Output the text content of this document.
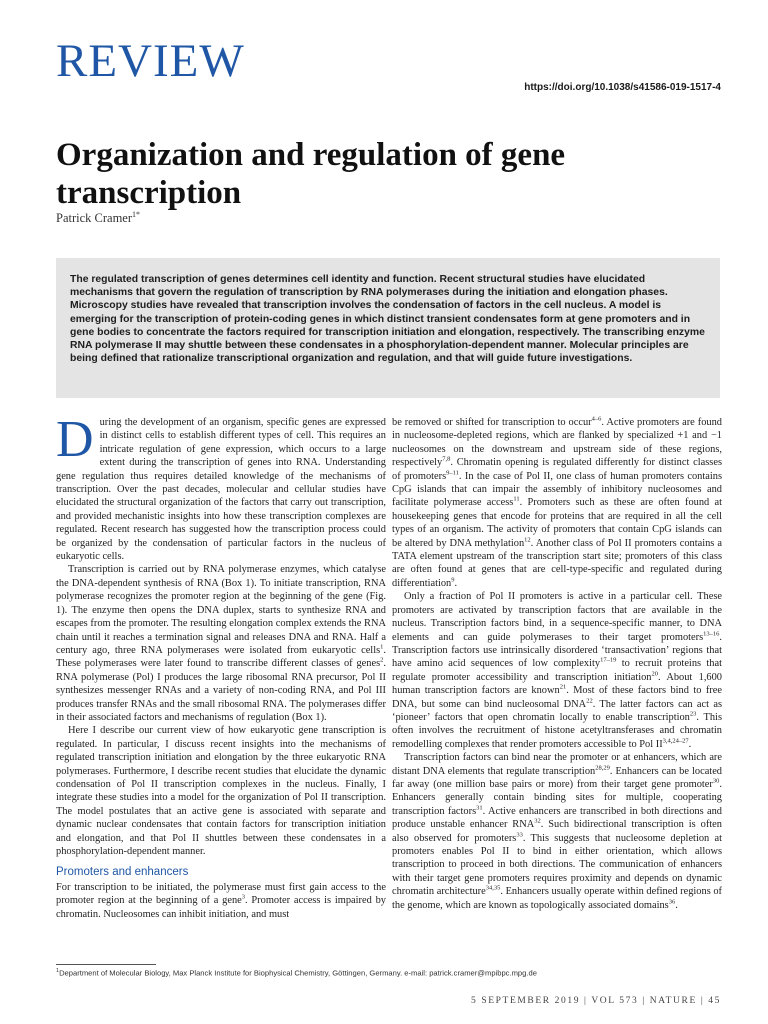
REVIEW
https://doi.org/10.1038/s41586-019-1517-4
Organization and regulation of gene transcription
Patrick Cramer$^{1*}$

The regulated transcription of genes determines cell identity and function. Recent structural studies have elucidated mechanisms that govern the regulation of transcription by RNA polymerases during the initiation and elongation phases. Microscopy studies have revealed that transcription involves the condensation of factors in the cell nucleus. A model is emerging for the transcription of protein-coding genes in which distinct transient condensates form at gene promoters and in gene bodies to concentrate the factors required for transcription initiation and elongation, respectively. The transcribing enzyme RNA polymerase II may shuttle between these condensates in a phosphorylation-dependent manner. Molecular principles are being defined that rationalize transcriptional organization and regulation, and that will guide future investigations.

During the development of an organism, specific genes are expressed in distinct cells to establish different types of cell. This requires an intricate regulation of gene expression, which occurs to a large extent during the transcription of genes into RNA. Understanding gene regulation thus requires detailed knowledge of the mechanisms of transcription. Over the past decades, molecular and cellular studies have elucidated the structural organization of the factors that carry out transcription, and provided mechanistic insights into how these transcription complexes are regulated. Recent research has suggested how the transcription process could be organized by the condensation of particular factors in the nucleus of eukaryotic cells.

Transcription is carried out by RNA polymerase enzymes, which catalyse the DNA-dependent synthesis of RNA (Box 1). To initiate transcription, RNA polymerase recognizes the promoter region at the beginning of the gene (Fig. 1). The enzyme then opens the DNA duplex, starts to synthesize RNA and escapes from the promoter. The resulting elongation complex extends the RNA chain until it reaches a termination signal and releases DNA and RNA. Half a century ago, three RNA polymerases were isolated from eukaryotic cells$^1$. These polymerases were later found to transcribe different classes of genes$^2$. RNA polymerase (Pol) I produces the large ribosomal RNA precursor, Pol II synthesizes messenger RNAs and a variety of non-coding RNA, and Pol III produces transfer RNAs and the small ribosomal RNA. The polymerases differ in their associated factors and mechanisms of regulation (Box 1).

Here I describe our current view of how eukaryotic gene transcription is regulated. In particular, I discuss recent insights into the mechanisms of regulated transcription initiation and elongation by the three eukaryotic RNA polymerases. Furthermore, I describe recent studies that elucidate the dynamic condensation of Pol II transcription complexes in the nucleus. Finally, I integrate these studies into a model for the organization of Pol II transcription. The model postulates that an active gene is associated with separate and dynamic nuclear condensates that contain factors for transcription initiation and elongation, and that Pol II shuttles between these condensates in a phosphorylation-dependent manner.

Promoters and enhancers

For transcription to be initiated, the polymerase must first gain access to the promoter region at the beginning of a gene$^3$. Promoter access is impaired by chromatin. Nucleosomes can inhibit initiation, and must

be removed or shifted for transcription to occur$^{4-6}$. Active promoters are found in nucleosome-depleted regions, which are flanked by specialized +1 and −1 nucleosomes on the downstream and upstream side of these regions, respectively$^{7,8}$. Chromatin opening is regulated differently for distinct classes of promoters$^{9-11}$. In the case of Pol II, one class of human promoters contains CpG islands that can impair the assembly of inhibitory nucleosomes and facilitate polymerase access$^{11}$. Promoters such as these are often found at housekeeping genes that encode for proteins that are required in all the cell types of an organism. The activity of promoters that contain CpG islands can be altered by DNA methylation$^{12}$. Another class of Pol II promoters contains a TATA element upstream of the transcription start site; promoters of this class are often found at genes that are cell-type-specific and regulated during differentiation$^9$.

Only a fraction of Pol II promoters is active in a particular cell. These promoters are activated by transcription factors that are available in the nucleus. Transcription factors bind, in a sequence-specific manner, to DNA elements and can guide polymerases to their target promoters$^{13-16}$. Transcription factors use intrinsically disordered ‘transactivation’ regions that have amino acid sequences of low complexity$^{17-19}$ to recruit proteins that regulate promoter accessibility and transcription initiation$^{20}$. About 1,600 human transcription factors are known$^{21}$. Most of these factors bind to free DNA, but some can bind nucleosomal DNA$^{22}$. The latter factors can act as ‘pioneer’ factors that open chromatin locally to enable transcription$^{23}$. This often involves the recruitment of histone acetyltransferases and chromatin remodelling complexes that render promoters accessible to Pol II$^{3,4,24-27}$.

Transcription factors can bind near the promoter or at enhancers, which are distant DNA elements that regulate transcription$^{28,29}$. Enhancers can be located far away (one million base pairs or more) from their target gene promoter$^{30}$. Enhancers generally contain binding sites for multiple, cooperating transcription factors$^{31}$. Active enhancers are transcribed in both directions and produce unstable enhancer RNA$^{32}$. Such bidirectional transcription is often also observed for promoters$^{33}$. This suggests that nucleosome depletion at promoters enables Pol II to bind in either orientation, which allows transcription to proceed in both directions. The communication of enhancers with their target gene promoters requires proximity and depends on dynamic chromatin architecture$^{34,35}$. Enhancers usually operate within defined regions of the genome, which are known as topologically associated domains$^{36}$.

$^1$Department of Molecular Biology, Max Planck Institute for Biophysical Chemistry, Göttingen, Germany. e-mail: patrick.cramer@mpibpc.mpg.de
5 SEPTEMBER 2019 | VOL 573 | NATURE | 45
